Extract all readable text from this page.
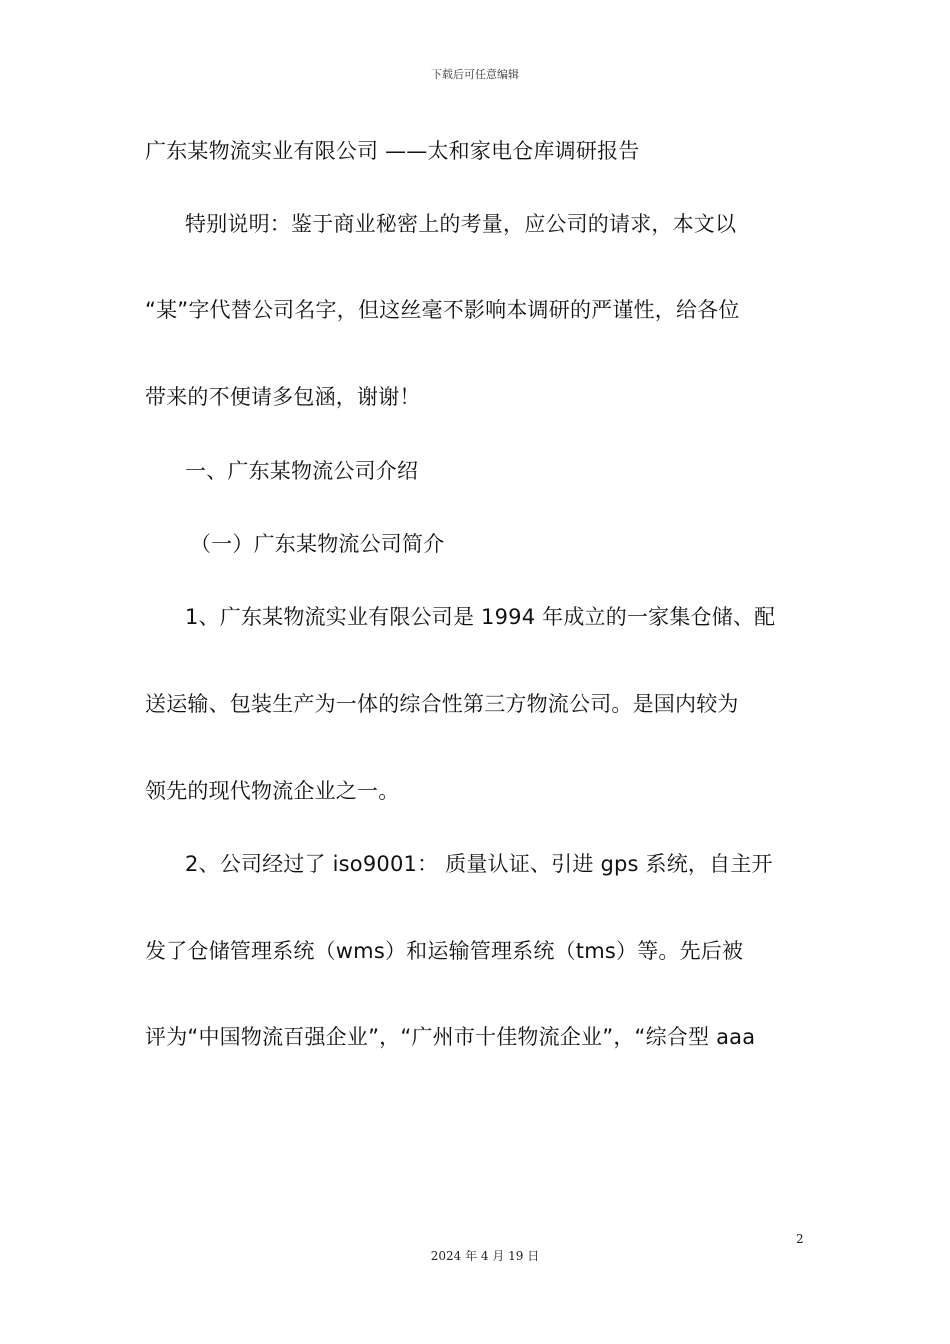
下载后可任意编辑
广东某物流实业有限公司 ——太和家电仓库调研报告
特别说明：鉴于商业秘密上的考量，应公司的请求，本文以
“某”字代替公司名字，但这丝毫不影响本调研的严谨性，给各位
带来的不便请多包涵，谢谢！
一、广东某物流公司介绍
（一）广东某物流公司简介
1、广东某物流实业有限公司是 1994 年成立的一家集仓储、配
送运输、包装生产为一体的综合性第三方物流公司。是国内较为
领先的现代物流企业之一。
2、公司经过了 iso9001： 质量认证、引进 gps 系统，自主开
发了仓储管理系统（wms）和运输管理系统（tms）等。先后被
评为“中国物流百强企业”，“广州市十佳物流企业”，“综合型 aaa
2
2024 年 4 月 19 日
